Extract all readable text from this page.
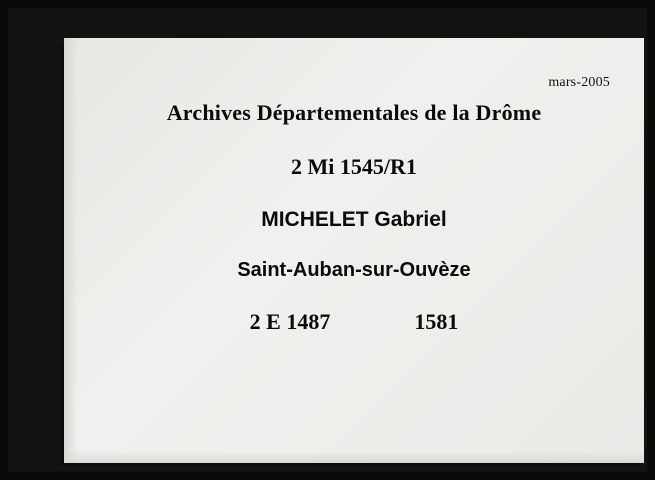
mars-2005
Archives Départementales de la Drôme
2 Mi 1545/R1
MICHELET Gabriel
Saint-Auban-sur-Ouvèze
2 E 1487	1581
